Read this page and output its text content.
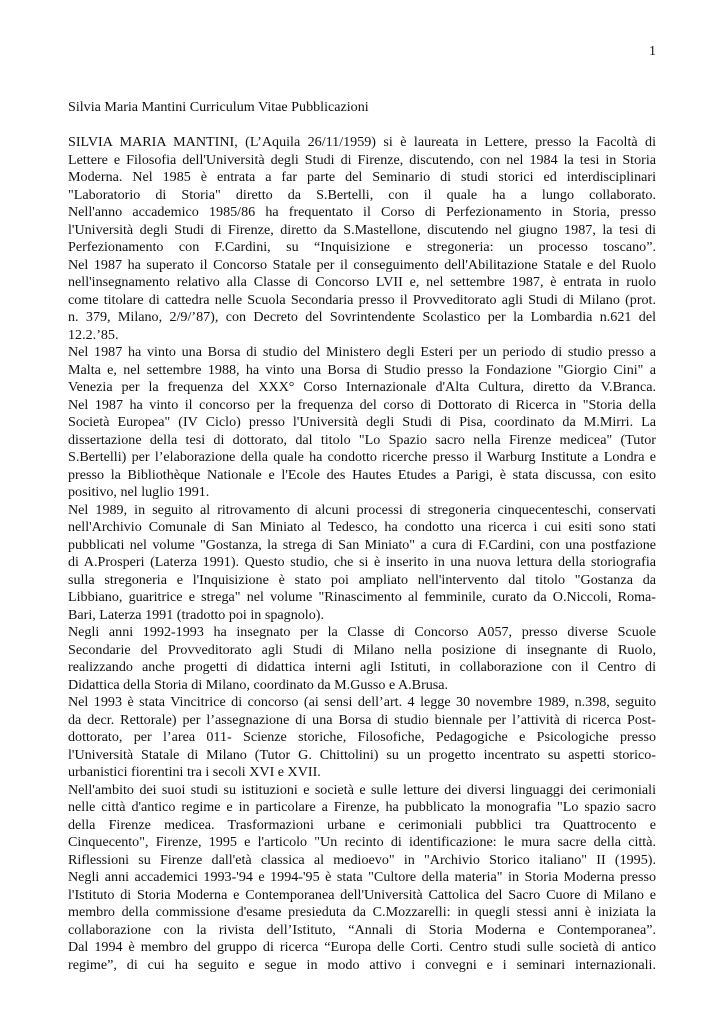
1
Silvia Maria Mantini Curriculum Vitae Pubblicazioni
SILVIA MARIA MANTINI, (L’Aquila 26/11/1959) si è laureata in Lettere, presso la Facoltà di
Lettere e Filosofia dell'Università degli Studi di Firenze, discutendo, con nel 1984 la tesi in Storia
Moderna. Nel 1985 è entrata a far parte del Seminario di studi storici ed interdisciplinari
"Laboratorio di Storia" diretto da S.Bertelli, con il quale ha a lungo collaborato.
Nell'anno accademico 1985/86 ha frequentato il Corso di Perfezionamento in Storia, presso
l'Università degli Studi di Firenze, diretto da S.Mastellone, discutendo nel giugno 1987, la tesi di
Perfezionamento con F.Cardini, su “Inquisizione e stregoneria: un processo toscano”.
Nel 1987 ha superato il Concorso Statale per il conseguimento dell'Abilitazione Statale e del Ruolo
nell'insegnamento relativo alla Classe di Concorso LVII e, nel settembre 1987, è entrata in ruolo
come titolare di cattedra nelle Scuola Secondaria presso il Provveditorato agli Studi di Milano (prot.
n. 379, Milano, 2/9/’87), con Decreto del Sovrintendente Scolastico per la Lombardia n.621 del
12.2.’85.
Nel 1987 ha vinto una Borsa di studio del Ministero degli Esteri per un periodo di studio presso a
Malta e, nel settembre 1988, ha vinto una Borsa di Studio presso la Fondazione "Giorgio Cini" a
Venezia per la frequenza del XXX° Corso Internazionale d'Alta Cultura, diretto da V.Branca.
Nel 1987 ha vinto il concorso per la frequenza del corso di Dottorato di Ricerca in "Storia della
Società Europea" (IV Ciclo) presso l'Università degli Studi di Pisa, coordinato da M.Mirri. La
dissertazione della tesi di dottorato, dal titolo "Lo Spazio sacro nella Firenze medicea" (Tutor
S.Bertelli) per l’elaborazione della quale ha condotto ricerche presso il Warburg Institute a Londra e
presso la Bibliothèque Nationale e l'Ecole des Hautes Etudes a Parigi, è stata discussa, con esito
positivo, nel luglio 1991.
Nel 1989, in seguito al ritrovamento di alcuni processi di stregoneria cinquecenteschi, conservati
nell'Archivio Comunale di San Miniato al Tedesco, ha condotto una ricerca i cui esiti sono stati
pubblicati nel volume "Gostanza, la strega di San Miniato" a cura di F.Cardini, con una postfazione
di A.Prosperi (Laterza 1991). Questo studio, che si è inserito in una nuova lettura della storiografia
sulla stregoneria e l'Inquisizione è stato poi ampliato nell'intervento dal titolo "Gostanza da
Libbiano, guaritrice e strega" nel volume "Rinascimento al femminile, curato da O.Niccoli, Roma-
Bari, Laterza 1991 (tradotto poi in spagnolo).
Negli anni 1992-1993 ha insegnato per la Classe di Concorso A057, presso diverse Scuole
Secondarie del Provveditorato agli Studi di Milano nella posizione di insegnante di Ruolo,
realizzando anche progetti di didattica interni agli Istituti, in collaborazione con il Centro di
Didattica della Storia di Milano, coordinato da M.Gusso e A.Brusa.
Nel 1993 è stata Vincitrice di concorso (ai sensi dell’art. 4 legge 30 novembre 1989, n.398, seguito
da decr. Rettorale) per l’assegnazione di una Borsa di studio biennale per l’attività di ricerca Post-
dottorato, per l’area 011- Scienze storiche, Filosofiche, Pedagogiche e Psicologiche presso
l'Università Statale di Milano (Tutor G. Chittolini) su un progetto incentrato su aspetti storico-
urbanistici fiorentini tra i secoli XVI e XVII.
Nell'ambito dei suoi studi su istituzioni e società e sulle letture dei diversi linguaggi dei cerimoniali
nelle città d'antico regime e in particolare a Firenze, ha pubblicato la monografia "Lo spazio sacro
della Firenze medicea. Trasformazioni urbane e cerimoniali pubblici tra Quattrocento e
Cinquecento", Firenze, 1995 e l'articolo "Un recinto di identificazione: le mura sacre della città.
Riflessioni su Firenze dall'età classica al medioevo" in "Archivio Storico italiano" II (1995).
Negli anni accademici 1993-'94 e 1994-'95 è stata "Cultore della materia" in Storia Moderna presso
l'Istituto di Storia Moderna e Contemporanea dell'Università Cattolica del Sacro Cuore di Milano e
membro della commissione d'esame presieduta da C.Mozzarelli: in quegli stessi anni è iniziata la
collaborazione con la rivista dell’Istituto, “Annali di Storia Moderna e Contemporanea”.
Dal 1994 è membro del gruppo di ricerca “Europa delle Corti. Centro studi sulle società di antico
regime”, di cui ha seguito e segue in modo attivo i convegni e i seminari internazionali.
